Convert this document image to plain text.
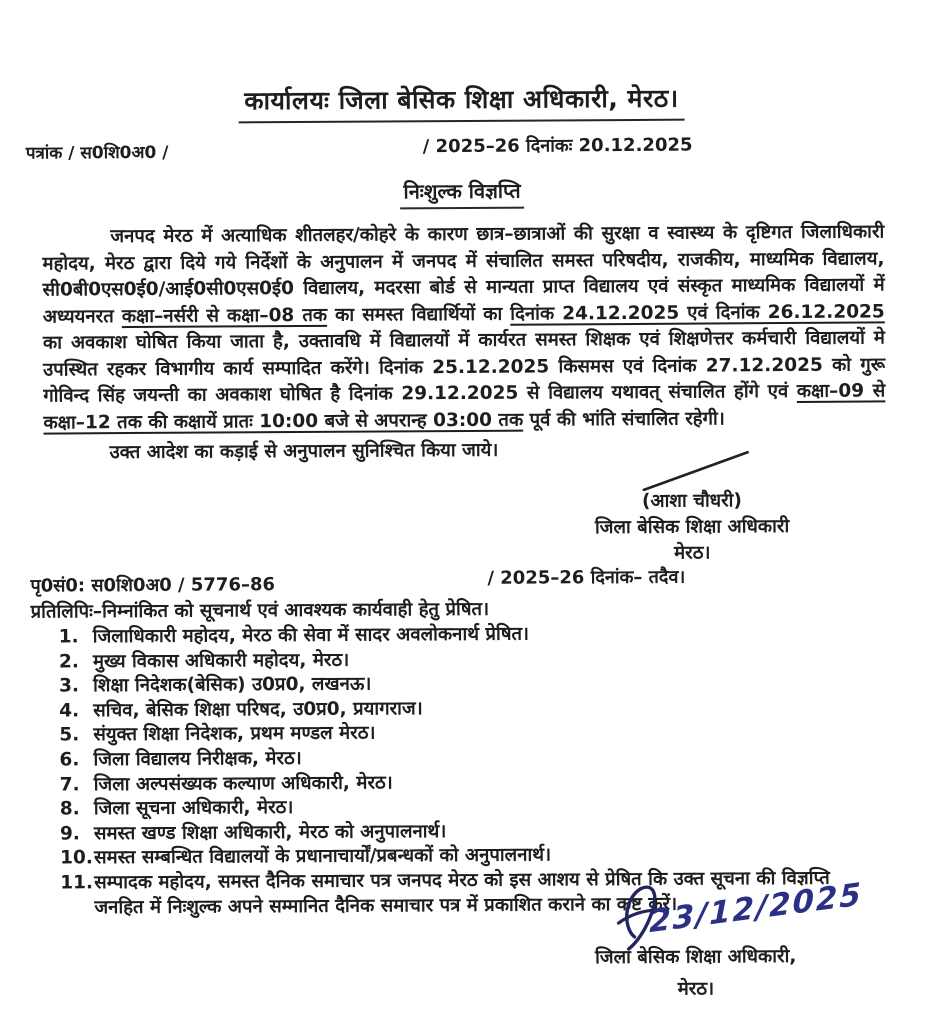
कार्यालयः जिला बेसिक शिक्षा अधिकारी, मेरठ।
पत्रांक / स0शि0अ0 /	/ 2025–26 दिनांकः 20.12.2025
निःशुल्क विज्ञप्ति

जनपद मेरठ में अत्याधिक शीतलहर/कोहरे के कारण छात्र–छात्राओं की सुरक्षा व स्वास्थ्य के दृष्टिगत जिलाधिकारी महोदय, मेरठ द्वारा दिये गये निर्देशों के अनुपालन में जनपद में संचालित समस्त परिषदीय, राजकीय, माध्यमिक विद्यालय, सी0बी0एस0ई0/आई0सी0एस0ई0 विद्यालय, मदरसा बोर्ड से मान्यता प्राप्त विद्यालय एवं संस्कृत माध्यमिक विद्यालयों में अध्ययनरत कक्षा–नर्सरी से कक्षा–08 तक का समस्त विद्यार्थियों का दिनांक 24.12.2025 एवं दिनांक 26.12.2025 का अवकाश घोषित किया जाता है, उक्तावधि में विद्यालयों में कार्यरत समस्त शिक्षक एवं शिक्षणेत्तर कर्मचारी विद्यालयों मे उपस्थित रहकर विभागीय कार्य सम्पादित करेंगे। दिनांक 25.12.2025 किसमस एवं दिनांक 27.12.2025 को गुरू गोविन्द सिंह जयन्ती का अवकाश घोषित है दिनांक 29.12.2025 से विद्यालय यथावत् संचालित होंगे एवं कक्षा–09 से कक्षा–12 तक की कक्षायें प्रातः 10:00 बजे से अपरान्ह 03:00 तक पूर्व की भांति संचालित रहेगी।

उक्त आदेश का कड़ाई से अनुपालन सुनिश्चित किया जाये।
(आशा चौधरी)
जिला बेसिक शिक्षा अधिकारी
मेरठ।
पृ0सं0: स0शि0अ0 / 5776–86	/ 2025–26 दिनांक– तदैव।
प्रतिलिपिः–निम्नांकित को सूचनार्थ एवं आवश्यक कार्यवाही हेतु प्रेषित।
1. जिलाधिकारी महोदय, मेरठ की सेवा में सादर अवलोकनार्थ प्रेषित।
2. मुख्य विकास अधिकारी महोदय, मेरठ।
3. शिक्षा निदेशक(बेसिक) उ0प्र0, लखनऊ।
4. सचिव, बेसिक शिक्षा परिषद, उ0प्र0, प्रयागराज।
5. संयुक्त शिक्षा निदेशक, प्रथम मण्डल मेरठ।
6. जिला विद्यालय निरीक्षक, मेरठ।
7. जिला अल्पसंख्यक कल्याण अधिकारी, मेरठ।
8. जिला सूचना अधिकारी, मेरठ।
9. समस्त खण्ड शिक्षा अधिकारी, मेरठ को अनुपालनार्थ।
10. समस्त सम्बन्धित विद्यालयों के प्रधानाचार्यों/प्रबन्धकों को अनुपालनार्थ।
11. सम्पादक महोदय, समस्त दैनिक समाचार पत्र जनपद मेरठ को इस आशय से प्रेषित कि उक्त सूचना की विज्ञप्ति जनहित में निःशुल्क अपने सम्मानित दैनिक समाचार पत्र में प्रकाशित कराने का कष्ट करें।
23/12/2025
जिला बेसिक शिक्षा अधिकारी,
मेरठ।
